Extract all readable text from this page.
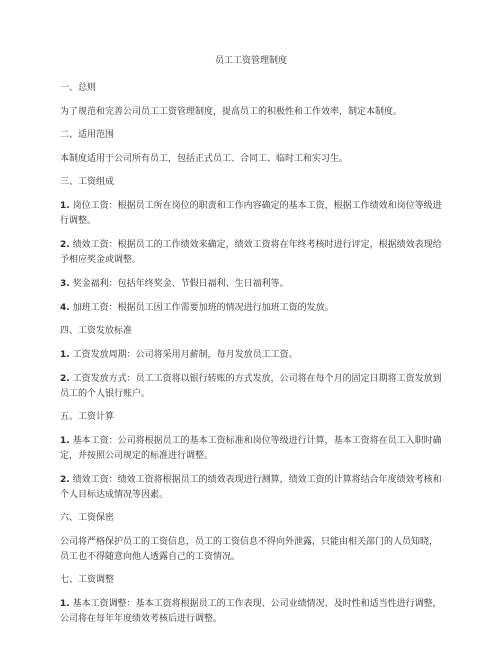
员工工资管理制度
一、总则
为了规范和完善公司员工工资管理制度，提高员工的积极性和工作效率，制定本制度。
二、适用范围
本制度适用于公司所有员工，包括正式员工、合同工、临时工和实习生。
三、工资组成
1. 岗位工资：根据员工所在岗位的职责和工作内容确定的基本工资，根据工作绩效和岗位等级进行调整。
2. 绩效工资：根据员工的工作绩效来确定，绩效工资将在年终考核时进行评定，根据绩效表现给予相应奖金或调整。
3. 奖金福利：包括年终奖金、节假日福利、生日福利等。
4. 加班工资：根据员工因工作需要加班的情况进行加班工资的发放。
四、工资发放标准
1. 工资发放周期：公司将采用月薪制，每月发放员工工资。
2. 工资发放方式：员工工资将以银行转账的方式发放，公司将在每个月的固定日期将工资发放到员工的个人银行账户。
五、工资计算
1. 基本工资：公司将根据员工的基本工资标准和岗位等级进行计算，基本工资将在员工入职时确定，并按照公司规定的标准进行调整。
2. 绩效工资：绩效工资将根据员工的绩效表现进行测算，绩效工资的计算将结合年度绩效考核和个人目标达成情况等因素。
六、工资保密
公司将严格保护员工的工资信息，员工的工资信息不得向外泄露，只能由相关部门的人员知晓，员工也不得随意向他人透露自己的工资情况。
七、工资调整
1. 基本工资调整：基本工资将根据员工的工作表现、公司业绩情况、及时性和适当性进行调整，公司将在每年年度绩效考核后进行调整。
